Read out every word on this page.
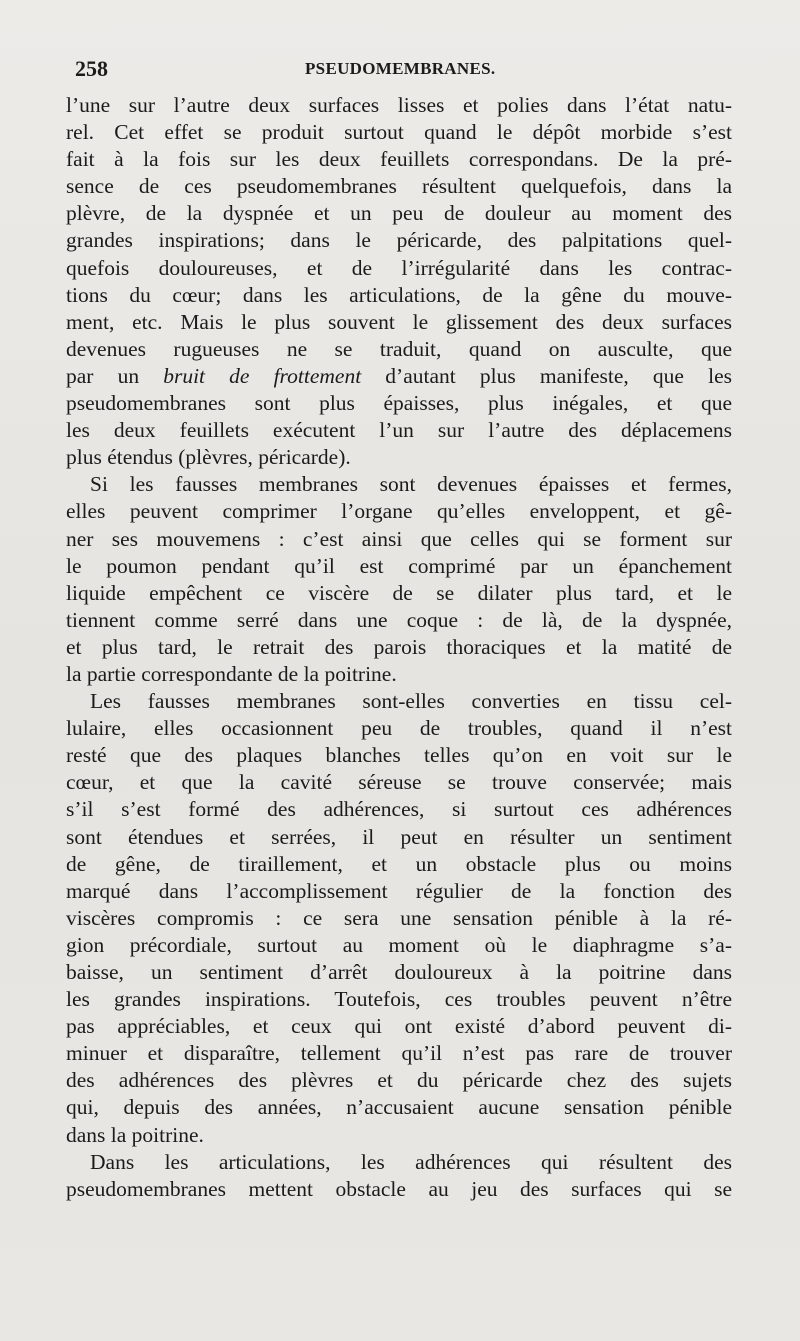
258	PSEUDOMEMBRANES.
l’une sur l’autre deux surfaces lisses et polies dans l’état natu-
rel. Cet effet se produit surtout quand le dépôt morbide s’est
fait à la fois sur les deux feuillets correspondans. De la pré-
sence de ces pseudomembranes résultent quelquefois, dans la
plèvre, de la dyspnée et un peu de douleur au moment des
grandes inspirations; dans le péricarde, des palpitations quel-
quefois douloureuses, et de l’irrégularité dans les contrac-
tions du cœur; dans les articulations, de la gêne du mouve-
ment, etc. Mais le plus souvent le glissement des deux surfaces
devenues rugueuses ne se traduit, quand on ausculte, que
par un bruit de frottement d’autant plus manifeste, que les
pseudomembranes sont plus épaisses, plus inégales, et que
les deux feuillets exécutent l’un sur l’autre des déplacemens
plus étendus (plèvres, péricarde).
Si les fausses membranes sont devenues épaisses et fermes,
elles peuvent comprimer l’organe qu’elles enveloppent, et gê-
ner ses mouvemens : c’est ainsi que celles qui se forment sur
le poumon pendant qu’il est comprimé par un épanchement
liquide empêchent ce viscère de se dilater plus tard, et le
tiennent comme serré dans une coque : de là, de la dyspnée,
et plus tard, le retrait des parois thoraciques et la matité de
la partie correspondante de la poitrine.
Les fausses membranes sont-elles converties en tissu cel-
lulaire, elles occasionnent peu de troubles, quand il n’est
resté que des plaques blanches telles qu’on en voit sur le
cœur, et que la cavité séreuse se trouve conservée; mais
s’il s’est formé des adhérences, si surtout ces adhérences
sont étendues et serrées, il peut en résulter un sentiment
de gêne, de tiraillement, et un obstacle plus ou moins
marqué dans l’accomplissement régulier de la fonction des
viscères compromis : ce sera une sensation pénible à la ré-
gion précordiale, surtout au moment où le diaphragme s’a-
baisse, un sentiment d’arrêt douloureux à la poitrine dans
les grandes inspirations. Toutefois, ces troubles peuvent n’être
pas appréciables, et ceux qui ont existé d’abord peuvent di-
minuer et disparaître, tellement qu’il n’est pas rare de trouver
des adhérences des plèvres et du péricarde chez des sujets
qui, depuis des années, n’accusaient aucune sensation pénible
dans la poitrine.
Dans les articulations, les adhérences qui résultent des
pseudomembranes mettent obstacle au jeu des surfaces qui se
